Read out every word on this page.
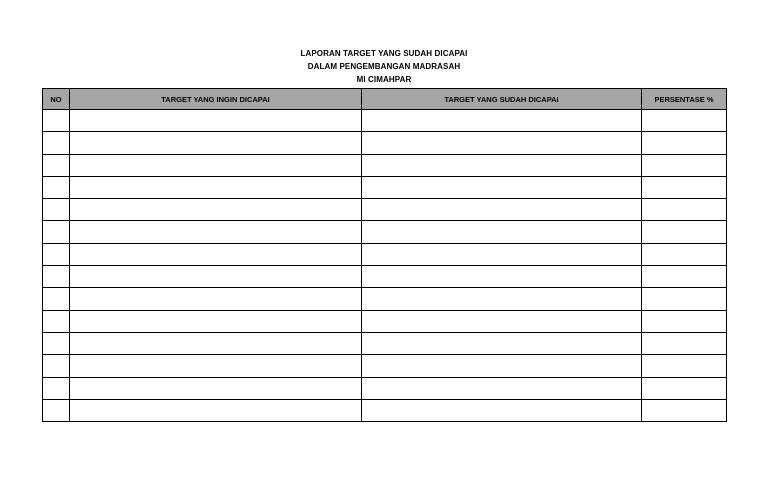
LAPORAN TARGET YANG SUDAH DICAPAI
DALAM PENGEMBANGAN MADRASAH
MI CIMAHPAR
NO	TARGET YANG INGIN DICAPAI	TARGET YANG SUDAH DICAPAI	PERSENTASE %
